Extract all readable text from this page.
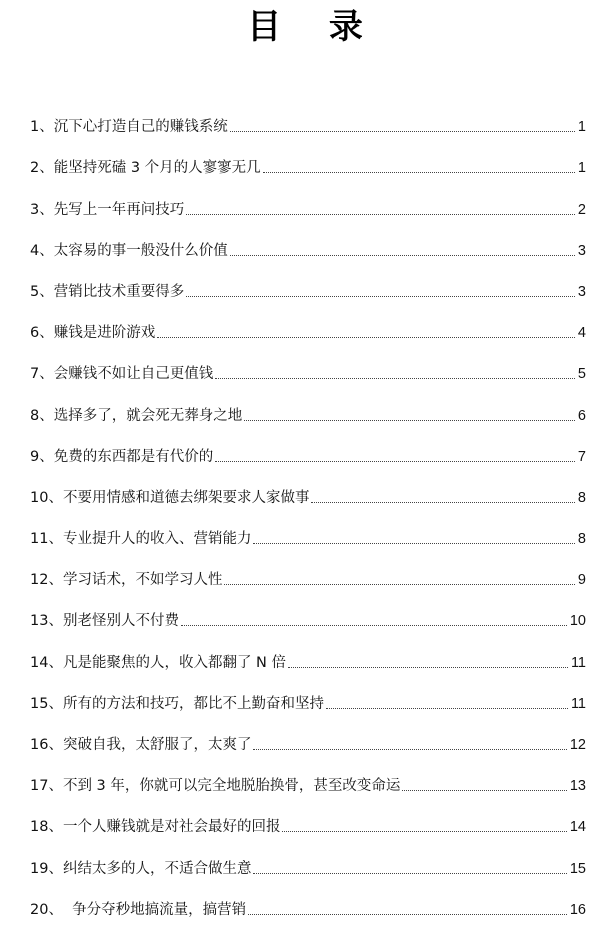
目 录
1、沉下心打造自己的赚钱系统	1
2、能坚持死磕 3 个月的人寥寥无几	1
3、先写上一年再问技巧	2
4、太容易的事一般没什么价值	3
5、营销比技术重要得多	3
6、赚钱是进阶游戏	4
7、会赚钱不如让自己更值钱	5
8、选择多了，就会死无葬身之地	6
9、免费的东西都是有代价的	7
10、不要用情感和道德去绑架要求人家做事	8
11、专业提升人的收入、营销能力	8
12、学习话术，不如学习人性	9
13、别老怪别人不付费	10
14、凡是能聚焦的人，收入都翻了 N 倍	11
15、所有的方法和技巧，都比不上勤奋和坚持	11
16、突破自我，太舒服了，太爽了	12
17、不到 3 年，你就可以完全地脱胎换骨，甚至改变命运	13
18、一个人赚钱就是对社会最好的回报	14
19、纠结太多的人，不适合做生意	15
20、  争分夺秒地搞流量，搞营销	16
